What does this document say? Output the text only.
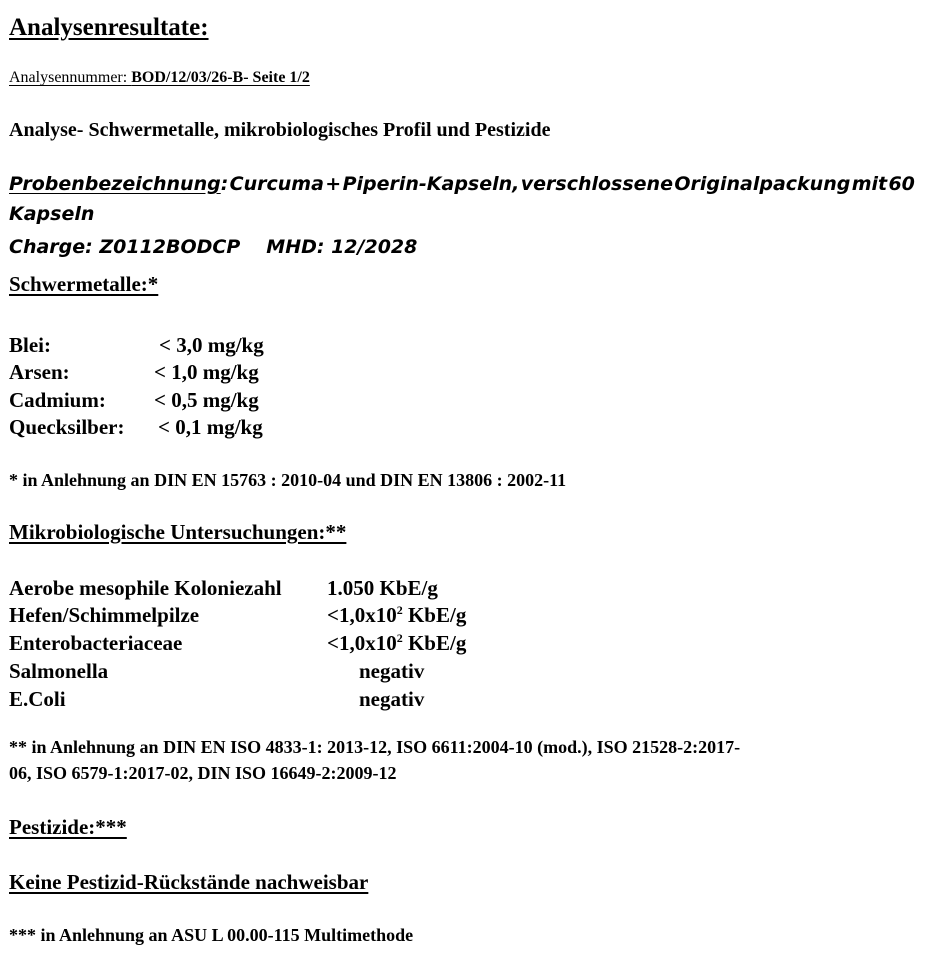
Analysenresultate:
Analysennummer: BOD/12/03/26-B- Seite 1/2
Analyse- Schwermetalle, mikrobiologisches Profil und Pestizide
Probenbezeichnung: Curcuma + Piperin-Kapseln, verschlossene Originalpackung mit 60
Kapseln
Charge: Z0112BODCP MHD: 12/2028
Schwermetalle:*
Blei:	< 3,0 mg/kg
Arsen:	< 1,0 mg/kg
Cadmium: < 0,5 mg/kg
Quecksilber: < 0,1 mg/kg
* in Anlehnung an DIN EN 15763 : 2010-04 und DIN EN 13806 : 2002-11
Mikrobiologische Untersuchungen:**
Aerobe mesophile Koloniezahl 1.050 KbE/g
Hefen/Schimmelpilze	$<1,0x10^2$ KbE/g
Enterobacteriaceae	$<1,0x10^2$ KbE/g
Salmonella	negativ
E.Coli	negativ
** in Anlehnung an DIN EN ISO 4833-1: 2013-12, ISO 6611:2004-10 (mod.), ISO 21528-2:2017-
06, ISO 6579-1:2017-02, DIN ISO 16649-2:2009-12
Pestizide:***
Keine Pestizid-Rückstände nachweisbar
*** in Anlehnung an ASU L 00.00-115 Multimethode
